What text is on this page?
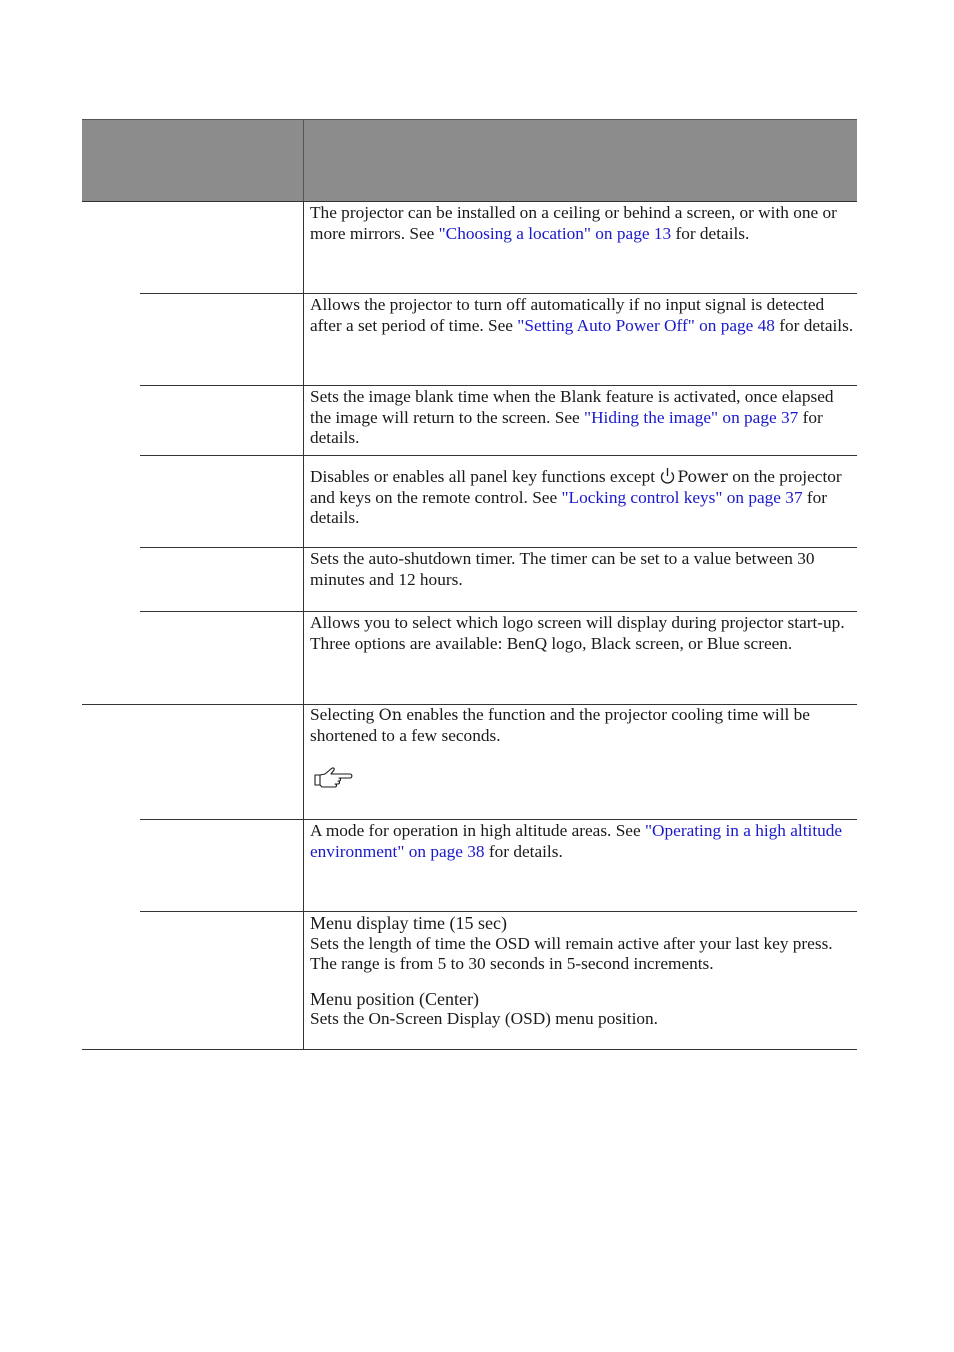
The projector can be installed on a ceiling or behind a screen, or with one or more mirrors. See "Choosing a location" on page 13 for details.

Allows the projector to turn off automatically if no input signal is detected after a set period of time. See "Setting Auto Power Off" on page 48 for details.

Sets the image blank time when the Blank feature is activated, once elapsed the image will return to the screen. See "Hiding the image" on page 37 for details.

Disables or enables all panel key functions except Power on the projector and keys on the remote control. See "Locking control keys" on page 37 for details.

Sets the auto-shutdown timer. The timer can be set to a value between 30 minutes and 12 hours.

Allows you to select which logo screen will display during projector start-up. Three options are available: BenQ logo, Black screen, or Blue screen.

Selecting On enables the function and the projector cooling time will be shortened to a few seconds.

A mode for operation in high altitude areas. See "Operating in a high altitude environment" on page 38 for details.

Menu display time (15 sec)

Sets the length of time the OSD will remain active after your last key press. The range is from 5 to 30 seconds in 5-second increments.

Menu position (Center)

Sets the On-Screen Display (OSD) menu position.
